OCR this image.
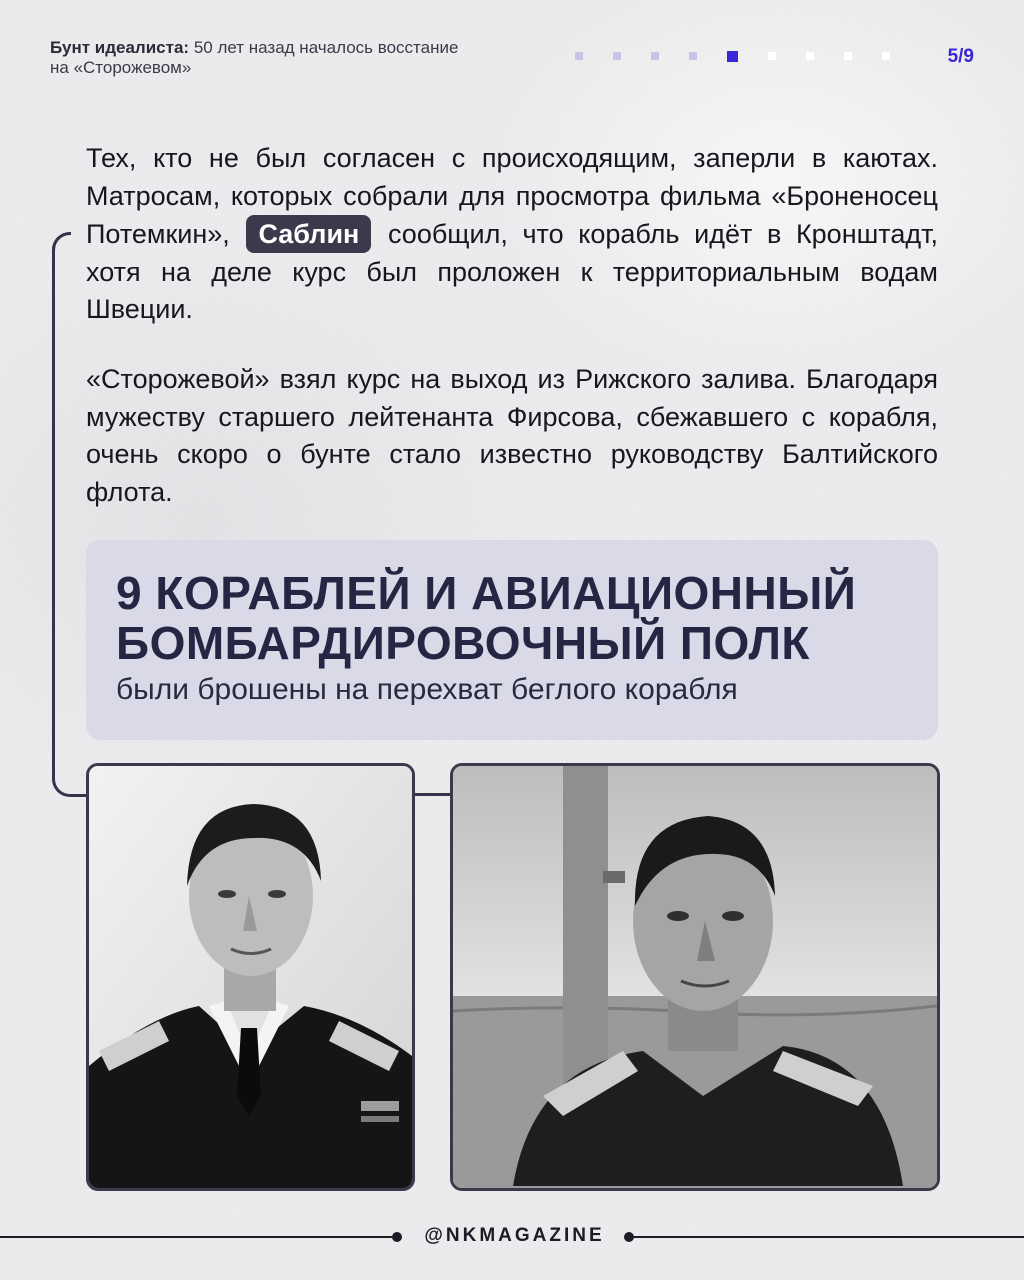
Бунт идеалиста: 50 лет назад началось восстание на «Сторожевом»
5/9
Тех, кто не был согласен с происходящим, заперли в каютах. Матросам, которых собрали для просмотра фильма «Броненосец Потемкин», Саблин сообщил, что корабль идёт в Кронштадт, хотя на деле курс был проложен к территориальным водам Швеции.
«Сторожевой» взял курс на выход из Рижского залива. Благодаря мужеству старшего лейтенанта Фирсова, сбежавшего с корабля, очень скоро о бунте стало известно руководству Балтийского флота.
9 КОРАБЛЕЙ И АВИАЦИОННЫЙ БОМБАРДИРОВОЧНЫЙ ПОЛК
были брошены на перехват беглого корабля
@NKMAGAZINE
